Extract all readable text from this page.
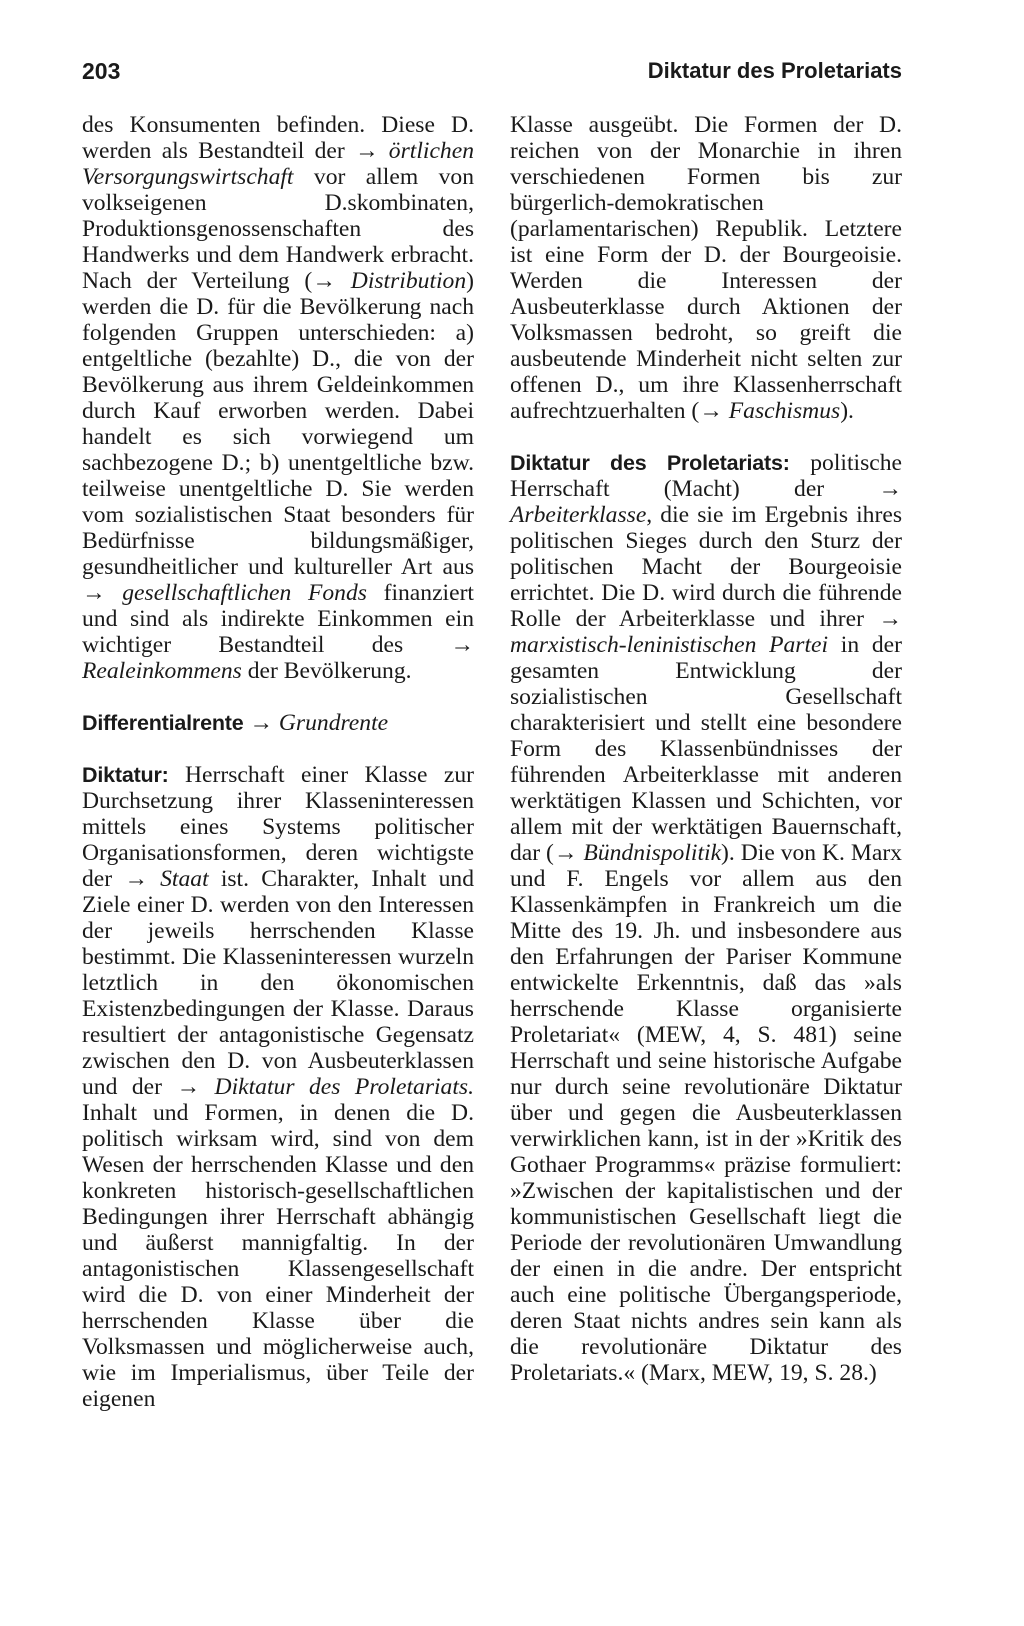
203	Diktatur des Proletariats

des Konsumenten befinden. Diese D. werden als Bestandteil der → örtlichen Versorgungswirtschaft vor allem von volkseigenen D.skombinaten, Produktionsgenossenschaften des Handwerks und dem Handwerk erbracht. Nach der Verteilung (→ Distribution) werden die D. für die Bevölkerung nach folgenden Gruppen unterschieden: a) entgeltliche (bezahlte) D., die von der Bevölkerung aus ihrem Geldeinkommen durch Kauf erworben werden. Dabei handelt es sich vorwiegend um sachbezogene D.; b) unentgeltliche bzw. teilweise unentgeltliche D. Sie werden vom sozialistischen Staat besonders für Bedürfnisse bildungsmäßiger, gesundheitlicher und kultureller Art aus → gesellschaftlichen Fonds finanziert und sind als indirekte Einkommen ein wichtiger Bestandteil des → Realeinkommens der Bevölkerung.

Differentialrente → Grundrente

Diktatur: Herrschaft einer Klasse zur Durchsetzung ihrer Klasseninteressen mittels eines Systems politischer Organisationsformen, deren wichtigste der → Staat ist. Charakter, Inhalt und Ziele einer D. werden von den Interessen der jeweils herrschenden Klasse bestimmt. Die Klasseninteressen wurzeln letztlich in den ökonomischen Existenzbedingungen der Klasse. Daraus resultiert der antagonistische Gegensatz zwischen den D. von Ausbeuterklassen und der → Diktatur des Proletariats. Inhalt und Formen, in denen die D. politisch wirksam wird, sind von dem Wesen der herrschenden Klasse und den konkreten historisch-gesellschaftlichen Bedingungen ihrer Herrschaft abhängig und äußerst mannigfaltig. In der antagonistischen Klassengesellschaft wird die D. von einer Minderheit der herrschenden Klasse über die Volksmassen und möglicherweise auch, wie im Imperialismus, über Teile der eigenen

Klasse ausgeübt. Die Formen der D. reichen von der Monarchie in ihren verschiedenen Formen bis zur bürgerlich-demokratischen (parlamentarischen) Republik. Letztere ist eine Form der D. der Bourgeoisie. Werden die Interessen der Ausbeuterklasse durch Aktionen der Volksmassen bedroht, so greift die ausbeutende Minderheit nicht selten zur offenen D., um ihre Klassenherrschaft aufrechtzuerhalten (→ Faschismus).

Diktatur des Proletariats: politische Herrschaft (Macht) der → Arbeiterklasse, die sie im Ergebnis ihres politischen Sieges durch den Sturz der politischen Macht der Bourgeoisie errichtet. Die D. wird durch die führende Rolle der Arbeiterklasse und ihrer → marxistisch-leninistischen Partei in der gesamten Entwicklung der sozialistischen Gesellschaft charakterisiert und stellt eine besondere Form des Klassenbündnisses der führenden Arbeiterklasse mit anderen werktätigen Klassen und Schichten, vor allem mit der werktätigen Bauernschaft, dar (→ Bündnispolitik). Die von K. Marx und F. Engels vor allem aus den Klassenkämpfen in Frankreich um die Mitte des 19. Jh. und insbesondere aus den Erfahrungen der Pariser Kommune entwickelte Erkenntnis, daß das »als herrschende Klasse organisierte Proletariat« (MEW, 4, S. 481) seine Herrschaft und seine historische Aufgabe nur durch seine revolutionäre Diktatur über und gegen die Ausbeuterklassen verwirklichen kann, ist in der »Kritik des Gothaer Programms« präzise formuliert: »Zwischen der kapitalistischen und der kommunistischen Gesellschaft liegt die Periode der revolutionären Umwandlung der einen in die andre. Der entspricht auch eine politische Übergangsperiode, deren Staat nichts andres sein kann als die revolutionäre Diktatur des Proletariats.« (Marx, MEW, 19, S. 28.)
